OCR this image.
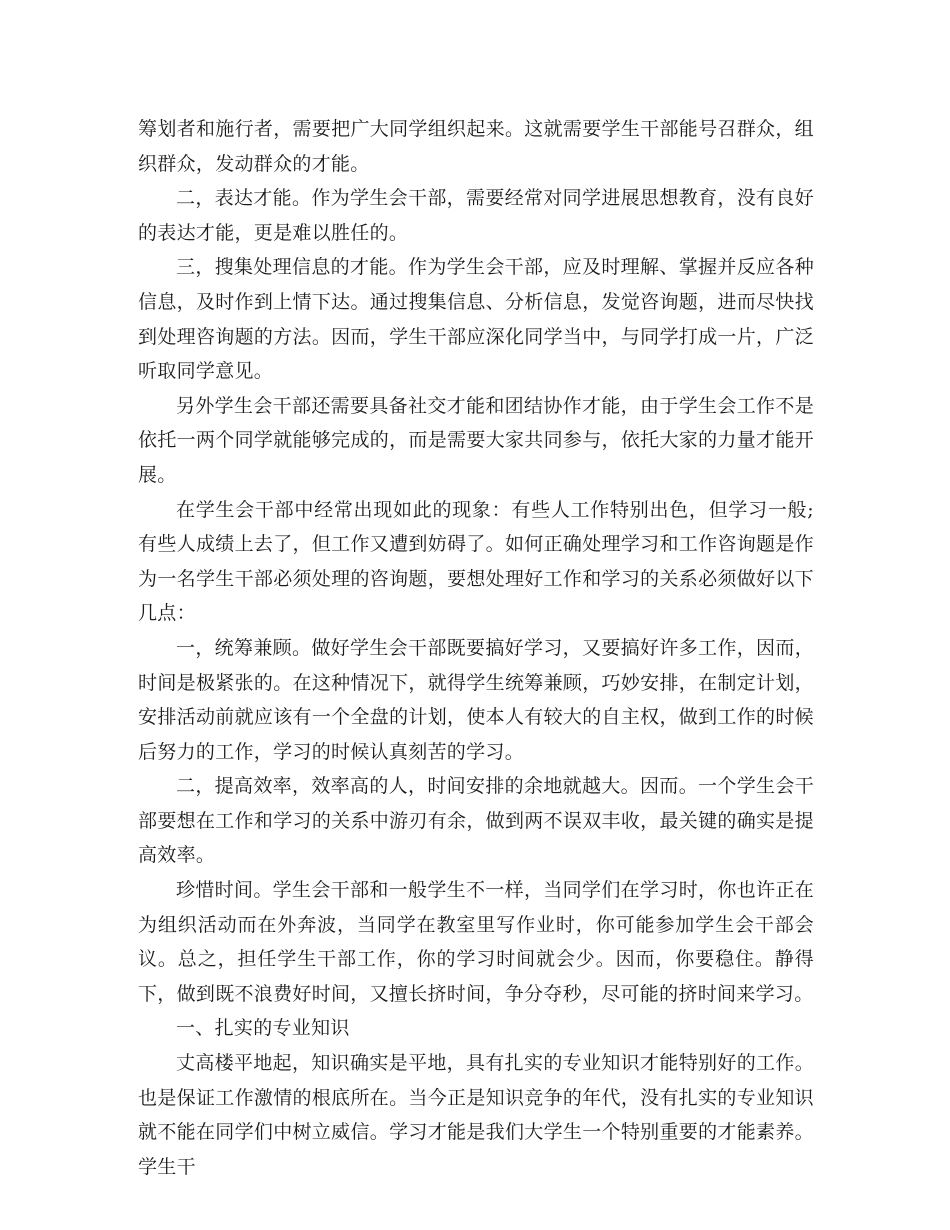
筹划者和施行者，需要把广大同学组织起来。这就需要学生干部能号召群众，组织群众，发动群众的才能。

二，表达才能。作为学生会干部，需要经常对同学进展思想教育，没有良好的表达才能，更是难以胜任的。

三，搜集处理信息的才能。作为学生会干部，应及时理解、掌握并反应各种信息，及时作到上情下达。通过搜集信息、分析信息，发觉咨询题，进而尽快找到处理咨询题的方法。因而，学生干部应深化同学当中，与同学打成一片，广泛听取同学意见。

另外学生会干部还需要具备社交才能和团结协作才能，由于学生会工作不是依托一两个同学就能够完成的，而是需要大家共同参与，依托大家的力量才能开展。

在学生会干部中经常出现如此的现象：有些人工作特别出色，但学习一般;有些人成绩上去了，但工作又遭到妨碍了。如何正确处理学习和工作咨询题是作为一名学生干部必须处理的咨询题，要想处理好工作和学习的关系必须做好以下几点：

一，统筹兼顾。做好学生会干部既要搞好学习，又要搞好许多工作，因而，时间是极紧张的。在这种情况下，就得学生统筹兼顾，巧妙安排，在制定计划，安排活动前就应该有一个全盘的计划，使本人有较大的自主权，做到工作的时候后努力的工作，学习的时候认真刻苦的学习。

二，提高效率，效率高的人，时间安排的余地就越大。因而。一个学生会干部要想在工作和学习的关系中游刃有余，做到两不误双丰收，最关键的确实是提高效率。

珍惜时间。学生会干部和一般学生不一样，当同学们在学习时，你也许正在为组织活动而在外奔波，当同学在教室里写作业时，你可能参加学生会干部会议。总之，担任学生干部工作，你的学习时间就会少。因而，你要稳住。静得下，做到既不浪费好时间，又擅长挤时间，争分夺秒，尽可能的挤时间来学习。

一、扎实的专业知识

丈高楼平地起，知识确实是平地，具有扎实的专业知识才能特别好的工作。也是保证工作激情的根底所在。当今正是知识竞争的年代，没有扎实的专业知识就不能在同学们中树立威信。学习才能是我们大学生一个特别重要的才能素养。学生干
